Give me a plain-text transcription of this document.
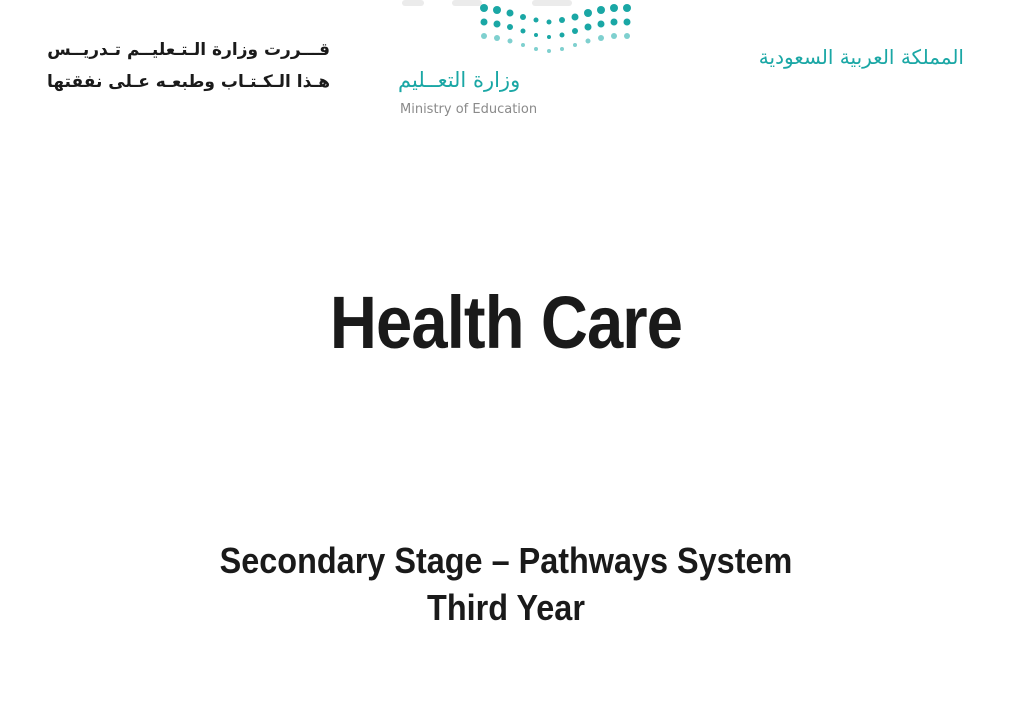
قـــررت وزارة الـتـعليــم تـدريــس
هـذا الـكـتـاب وطبعـه عـلى نفقتها	وزارة التعــليم
Ministry of Education
المملكة العربية السعودية
Health Care
Secondary Stage – Pathways System
Third Year
